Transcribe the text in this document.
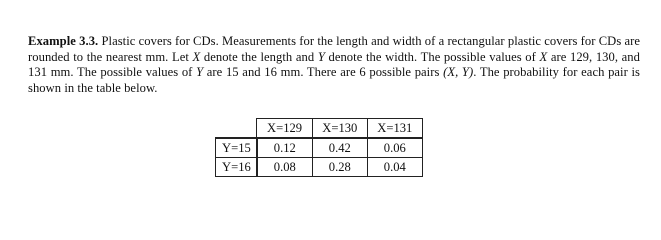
Example 3.3. Plastic covers for CDs. Measurements for the length and width of a rectangular plastic covers for CDs are rounded to the nearest mm. Let X denote the length and Y denote the width. The possible values of X are 129, 130, and 131 mm. The possible values of Y are 15 and 16 mm. There are 6 possible pairs (X, Y). The probability for each pair is shown in the table below.

	X=129	X=130	X=131
Y=15	0.12	0.42	0.06
Y=16	0.08	0.28	0.04
